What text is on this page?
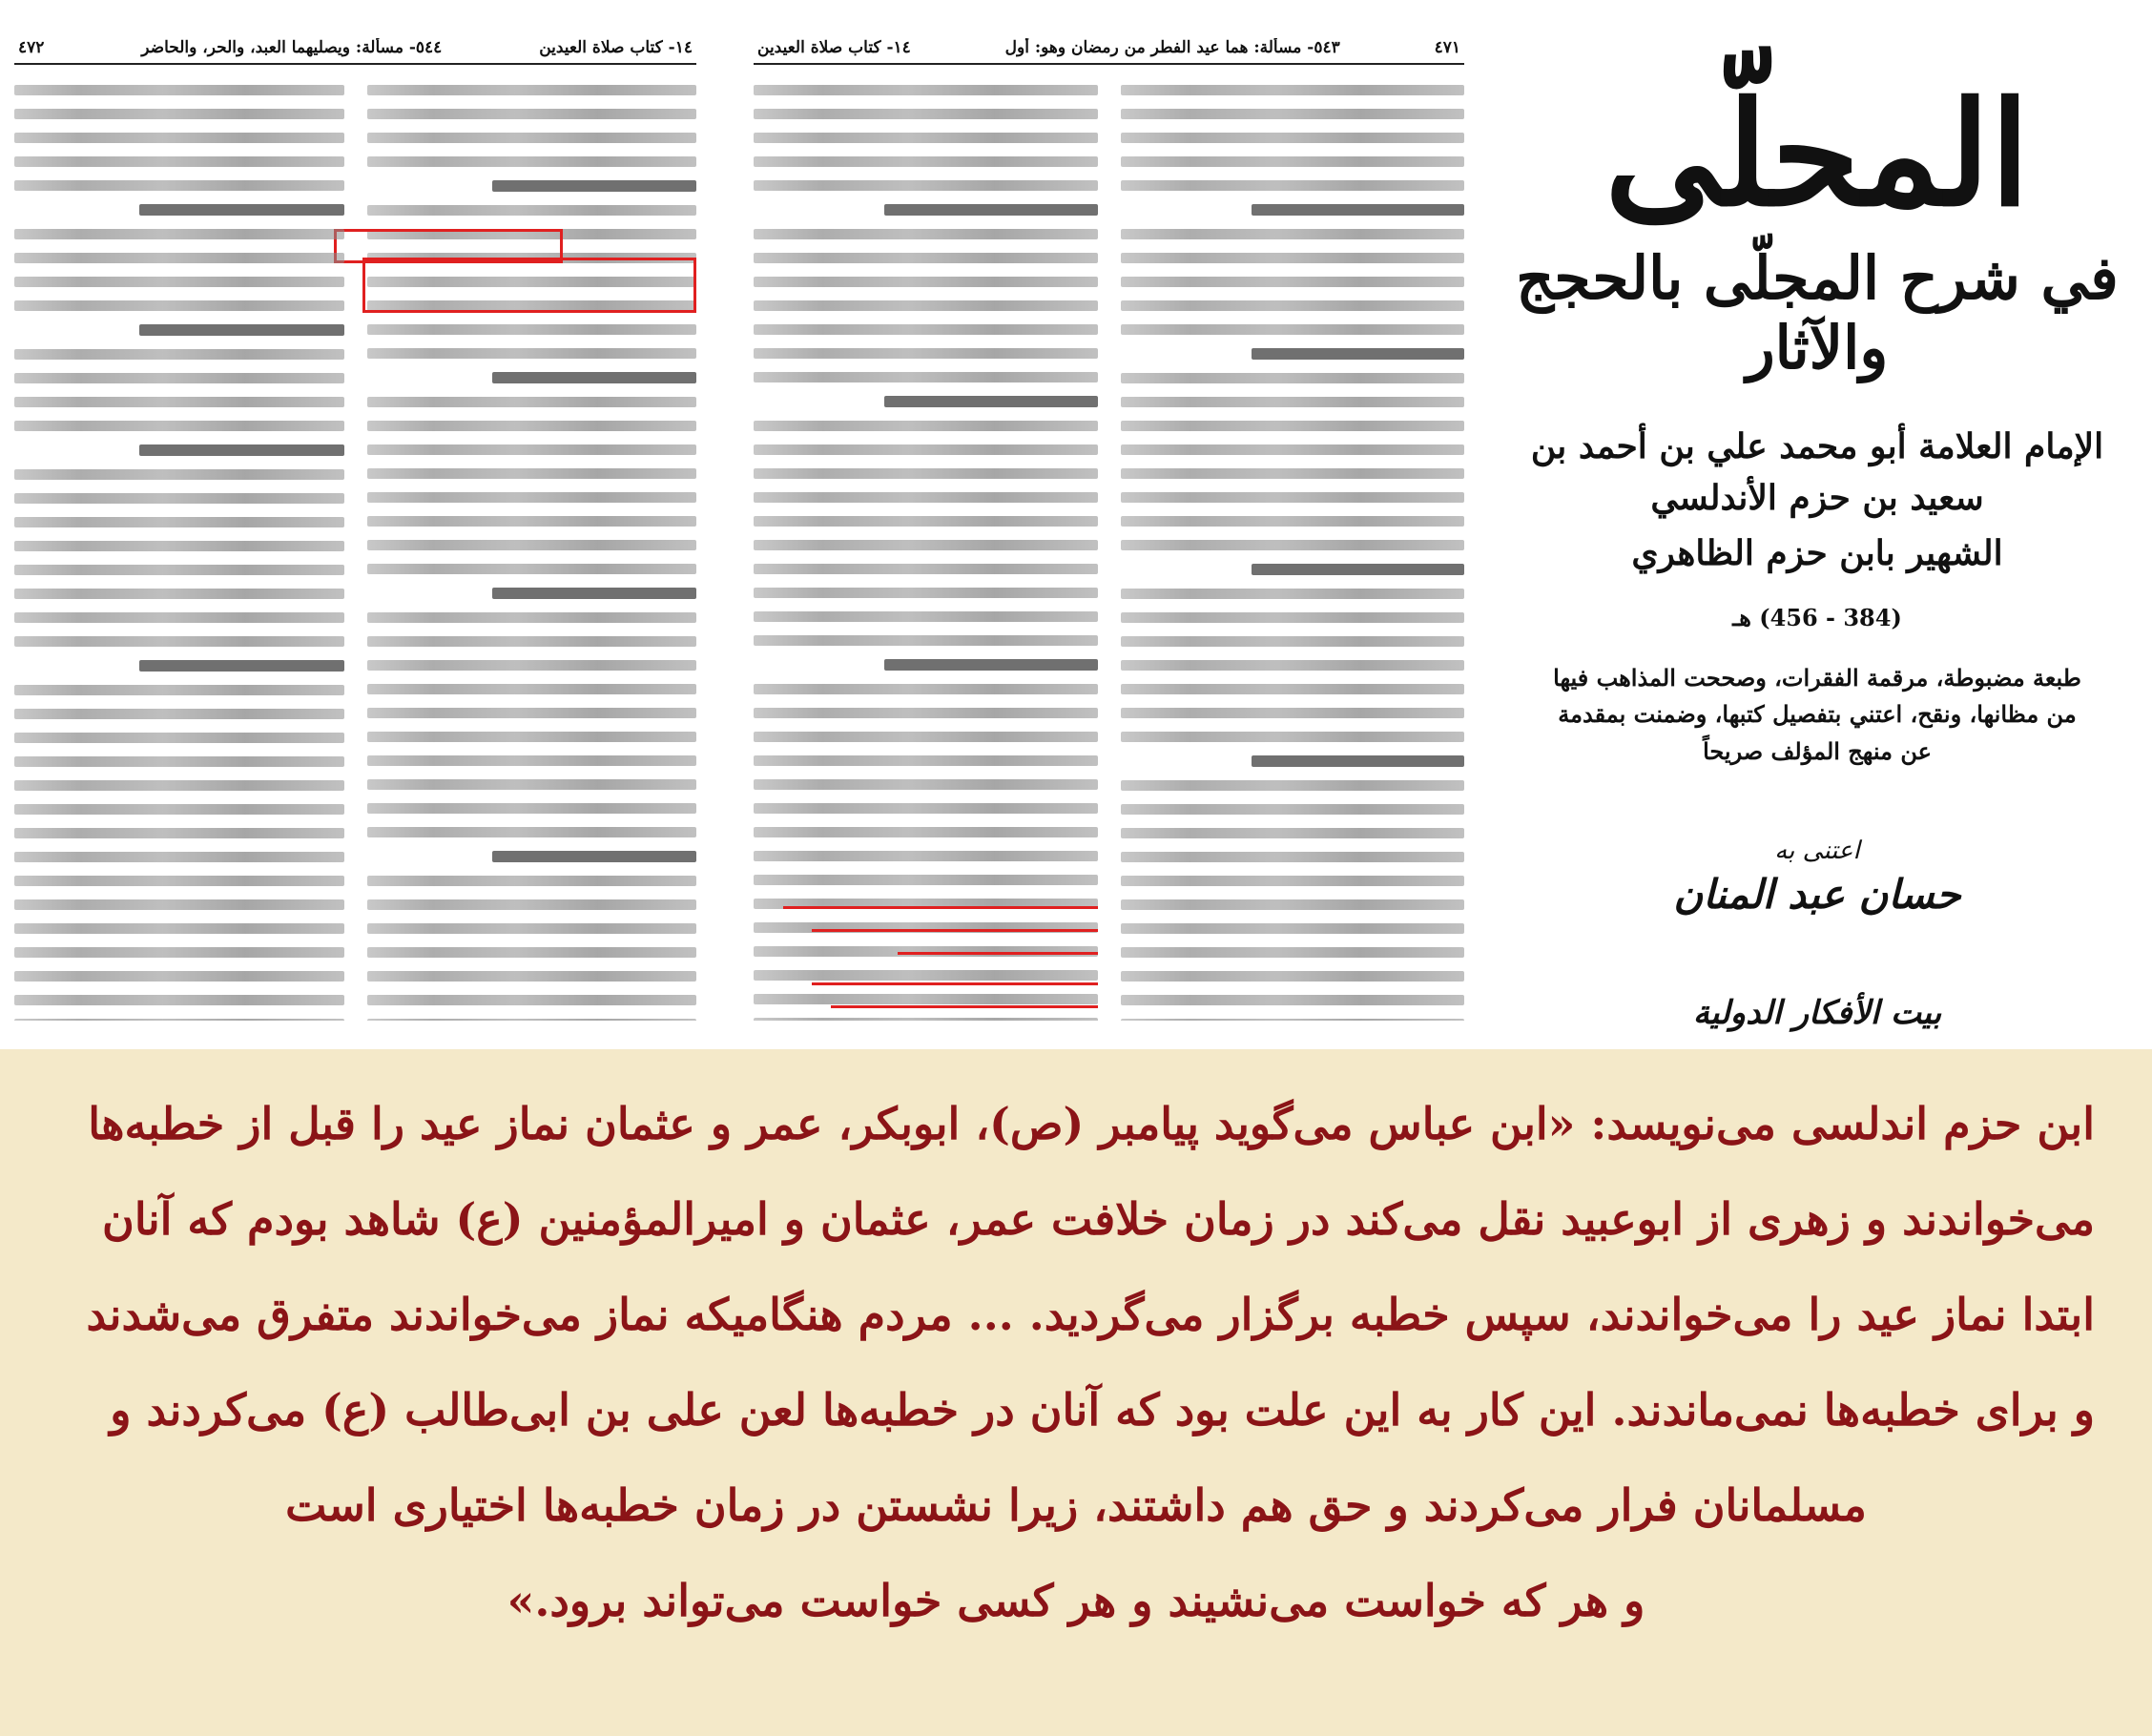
١٤- كتاب صلاة العيدين
٥٤٤- مسألة: ويصليهما العبد، والحر، والحاضر
٤٧٢	٤٧١
٥٤٣- مسألة: هما عيد الفطر من رمضان وهو: أول
١٤- كتاب صلاة العيدين
المحلّى
في شرح المجلّى بالحجج والآثار
الإمام العلامة أبو محمد علي بن أحمد بن سعيد بن حزم الأندلسي
الشهير بابن حزم الظاهري
(384 - 456) هـ
طبعة مضبوطة، مرقمة الفقرات، وصححت المذاهب فيها من مظانها، ونقح، اعتني بتفصيل كتبها، وضمنت بمقدمة عن منهج المؤلف صريحاً
اعتنى به
حسان عبد المنان
بيت الأفكار الدولية

ابن حزم اندلسی می‌نویسد: «ابن عباس می‌گوید پیامبر (ص)، ابوبکر، عمر و عثمان نماز عید را قبل از خطبه‌ها

می‌خواندند و زهری از ابوعبید نقل می‌کند در زمان خلافت عمر، عثمان و امیرالمؤمنین (ع) شاهد بودم که آنان

ابتدا نماز عید را می‌خواندند، سپس خطبه برگزار می‌گردید. ... مردم هنگامیکه نماز می‌خواندند متفرق می‌شدند

و برای خطبه‌ها نمی‌ماندند. این کار به این علت بود که آنان در خطبه‌ها لعن علی بن ابی‌طالب (ع) می‌کردند و

مسلمانان فرار می‌کردند و حق هم داشتند، زیرا نشستن در زمان خطبه‌ها اختیاری است

و هر که خواست می‌نشیند و هر کسی خواست می‌تواند برود.»
